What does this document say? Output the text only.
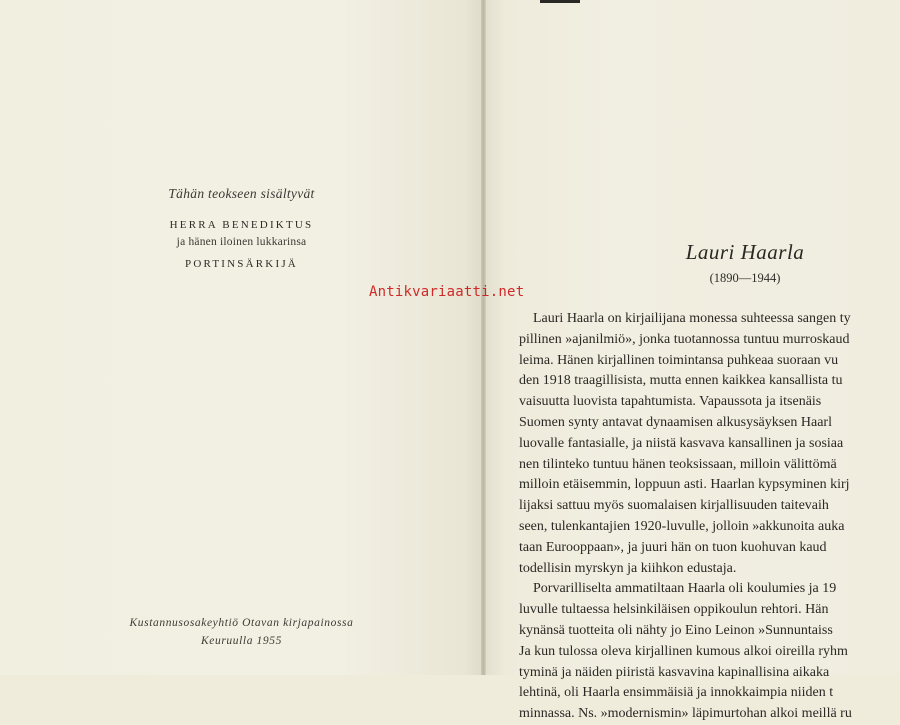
Tähän teokseen sisältyvät
HERRA BENEDIKTUS
ja hänen iloinen lukkarinsa
PORTINSÄRKIJÄ
Kustannusosakeyhtiö Otavan kirjapainossa
Keuruulla 1955
Antikvariaatti.net
Lauri Haarla
(1890—1944)
Lauri Haarla on kirjailijana monessa suhteessa sangen ty
pillinen »ajanilmiö», jonka tuotannossa tuntuu murroskaud
leima. Hänen kirjallinen toimintansa puhkeaa suoraan vu
den 1918 traagillisista, mutta ennen kaikkea kansallista tu
vaisuutta luovista tapahtumista. Vapaussota ja itsenäis
Suomen synty antavat dynaamisen alkusysäyksen Haarl
luovalle fantasialle, ja niistä kasvava kansallinen ja sosiaa
nen tilinteko tuntuu hänen teoksissaan, milloin välittömä
milloin etäisemmin, loppuun asti. Haarlan kypsyminen kirj
lijaksi sattuu myös suomalaisen kirjallisuuden taitevaih
seen, tulenkantajien 1920-luvulle, jolloin »akkunoita auka
taan Eurooppaan», ja juuri hän on tuon kuohuvan kaud
todellisin myrskyn ja kiihkon edustaja.
Porvarilliselta ammatiltaan Haarla oli koulumies ja 19
luvulle tultaessa helsinkiläisen oppikoulun rehtori. Hän
kynänsä tuotteita oli nähty jo Eino Leinon »Sunnuntaiss
Ja kun tulossa oleva kirjallinen kumous alkoi oireilla ryhm
tyminä ja näiden piiristä kasvavina kapinallisina aikaka
lehtinä, oli Haarla ensimmäisiä ja innokkaimpia niiden t
minnassa. Ns. »modernismin» läpimurtohan alkoi meillä ru
